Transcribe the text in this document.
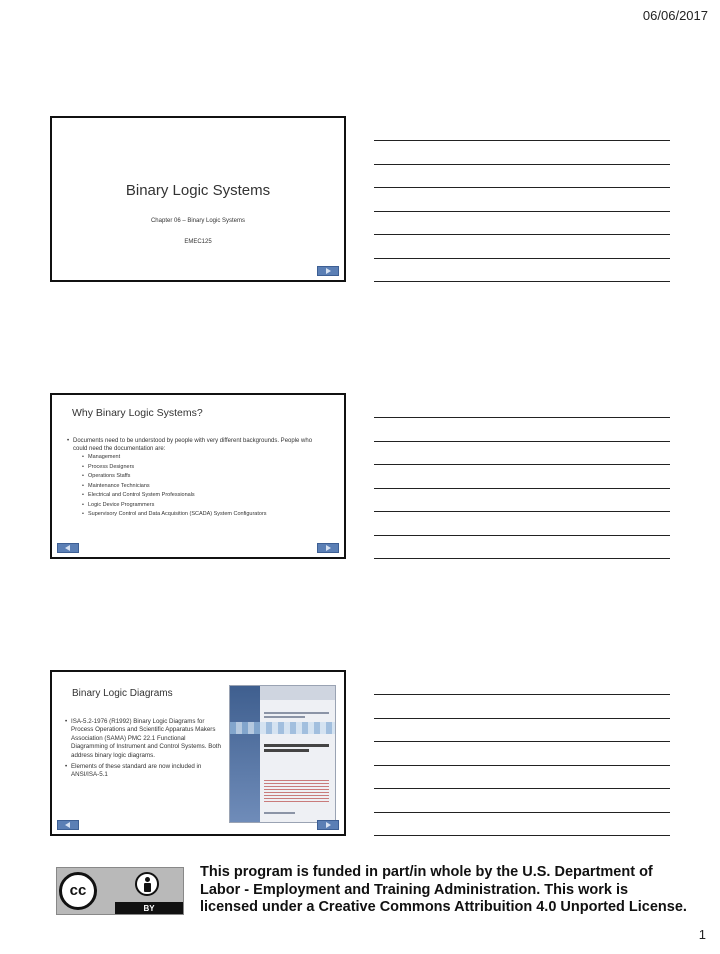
06/06/2017
Binary Logic Systems
Chapter 06 – Binary Logic Systems
EMEC125
Why Binary Logic Systems?
• Documents need to be understood by people with very different backgrounds. People who could need the documentation are:
• Management
• Process Designers
• Operations Staffs
• Maintenance Technicians
• Electrical and Control System Professionals
• Logic Device Programmers
• Supervisory Control and Data Acquisition (SCADA) System Configurators
Binary Logic Diagrams
• ISA-5.2-1976 (R1992) Binary Logic Diagrams for Process Operations and Scientific Apparatus Makers Association (SAMA) PMC 22.1 Functional Diagramming of Instrument and Control Systems. Both address binary logic diagrams.
• Elements of these standard are now included in ANSI/ISA-5.1
cc
BY
This program is funded in part/in whole by the U.S. Department of Labor - Employment and Training Administration. This work is licensed under a Creative Commons Attribuition 4.0 Unported License.
1
